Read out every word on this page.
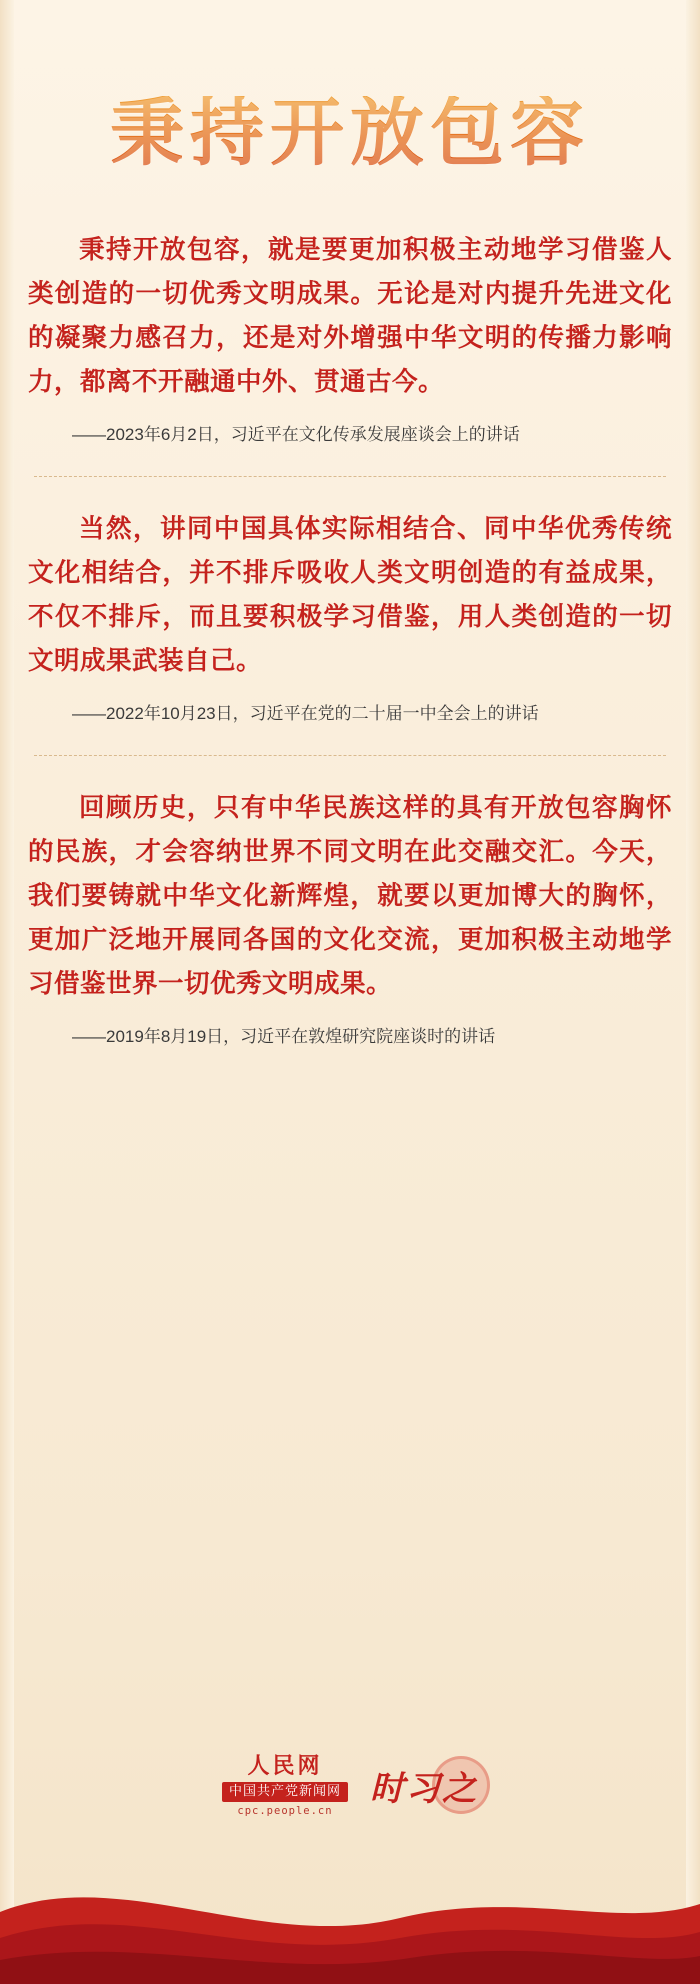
秉持开放包容
秉持开放包容，就是要更加积极主动地学习借鉴人类创造的一切优秀文明成果。无论是对内提升先进文化的凝聚力感召力，还是对外增强中华文明的传播力影响力，都离不开融通中外、贯通古今。
——2023年6月2日，习近平在文化传承发展座谈会上的讲话
当然，讲同中国具体实际相结合、同中华优秀传统文化相结合，并不排斥吸收人类文明创造的有益成果，不仅不排斥，而且要积极学习借鉴，用人类创造的一切文明成果武装自己。
——2022年10月23日，习近平在党的二十届一中全会上的讲话
回顾历史，只有中华民族这样的具有开放包容胸怀的民族，才会容纳世界不同文明在此交融交汇。今天，我们要铸就中华文化新辉煌，就要以更加博大的胸怀，更加广泛地开展同各国的文化交流，更加积极主动地学习借鉴世界一切优秀文明成果。
——2019年8月19日，习近平在敦煌研究院座谈时的讲话
人民网
中国共产党新闻网
cpc.people.cn
时习之
